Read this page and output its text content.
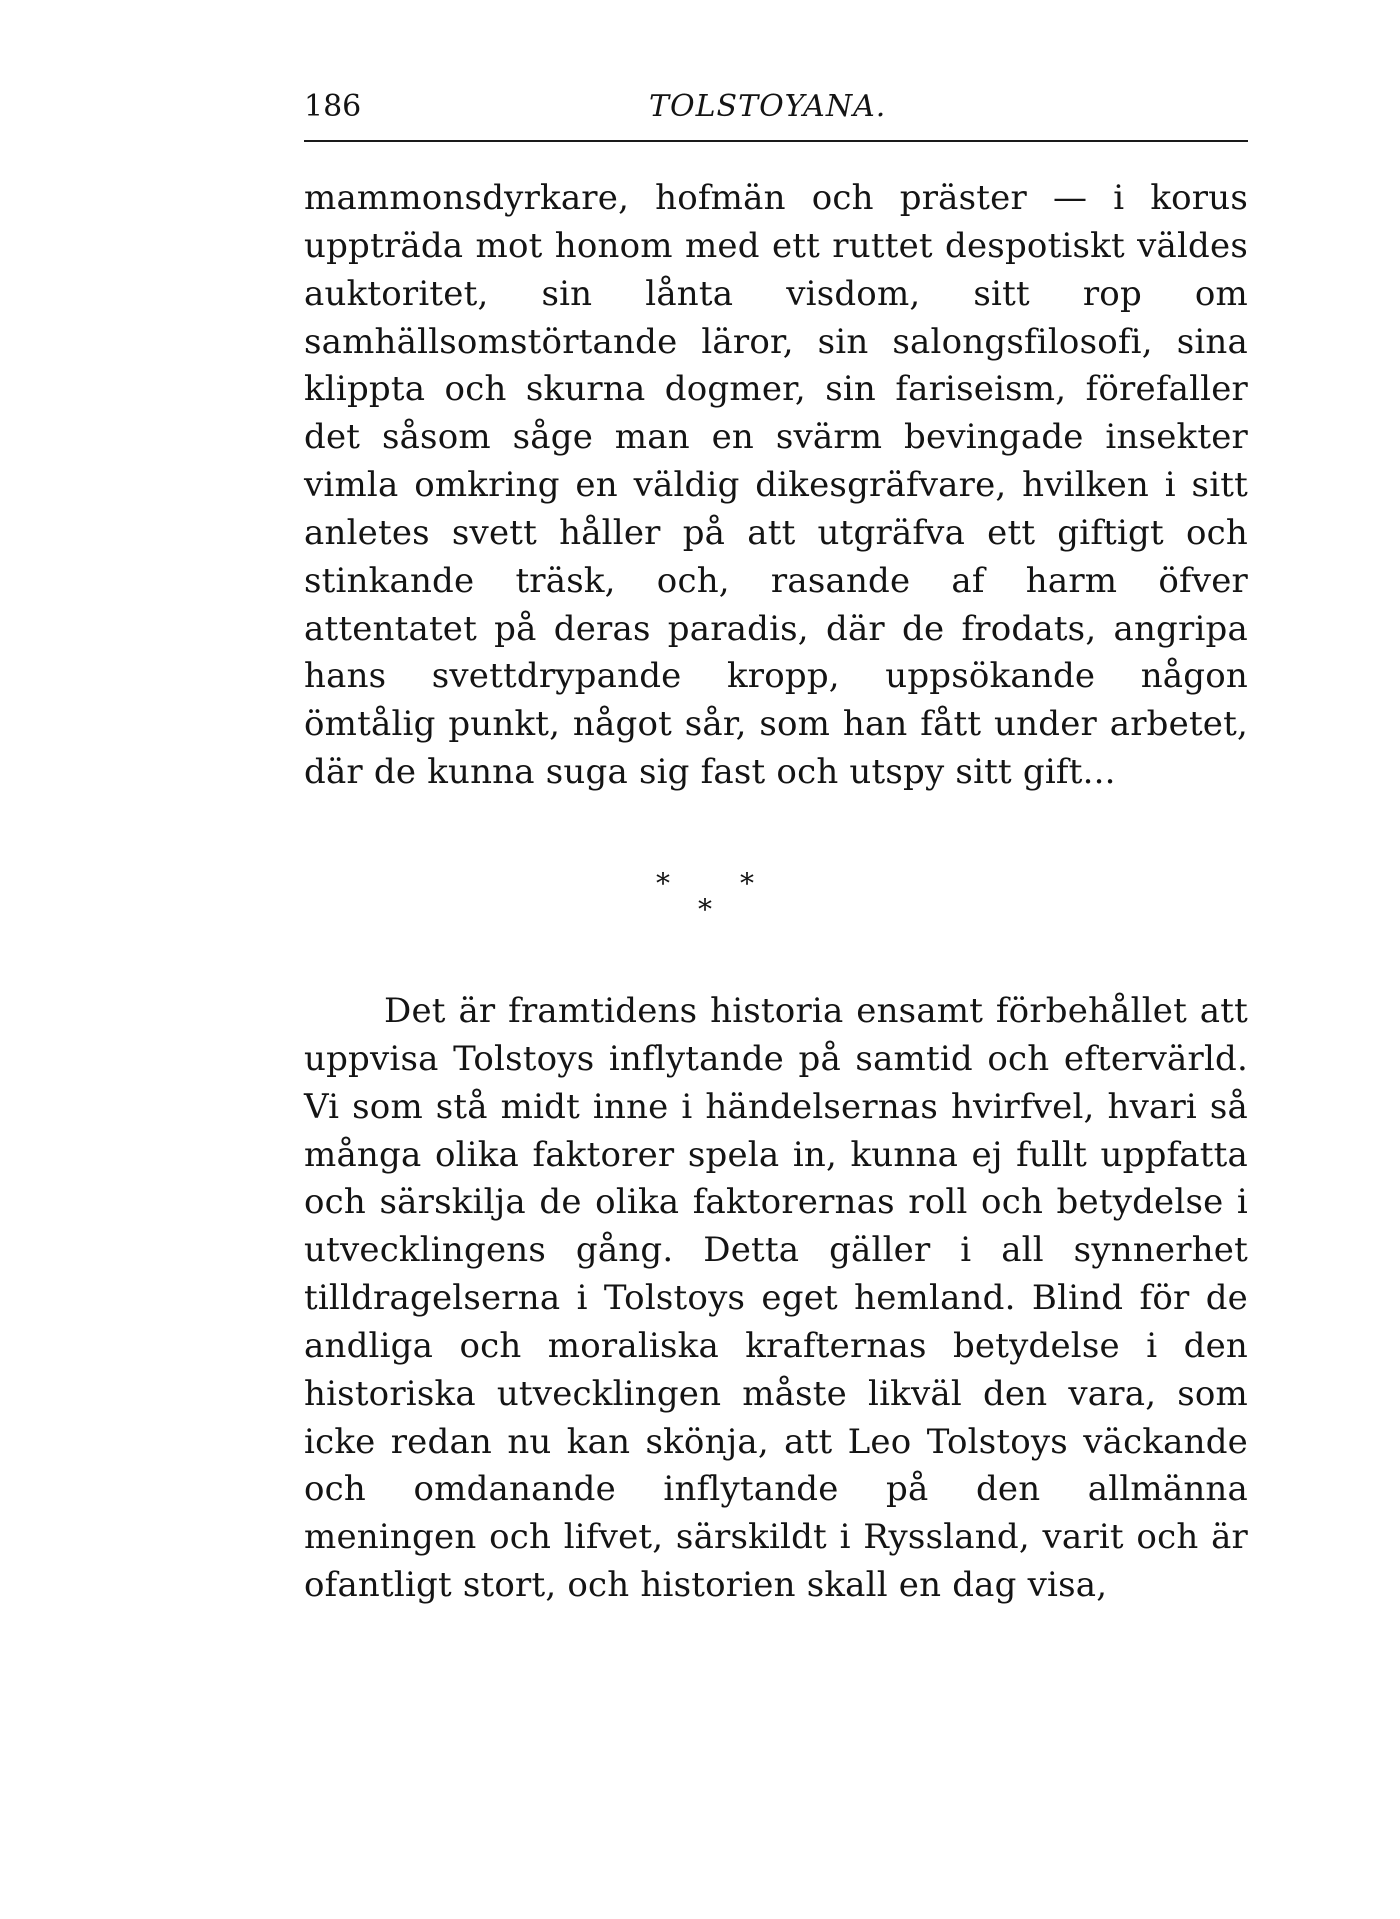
186	TOLSTOYANA.

mammonsdyrkare, hofmän och präster — i korus uppträda mot honom med ett ruttet despotiskt väldes auktoritet, sin lånta visdom, sitt rop om samhällsomstörtande läror, sin salongsfilosofi, sina klippta och skurna dogmer, sin fariseism, förefaller det såsom såge man en svärm bevingade insekter vimla omkring en väldig dikesgräfvare, hvilken i sitt anletes svett håller på att utgräfva ett giftigt och stinkande träsk, och, rasande af harm öfver attentatet på deras paradis, där de frodats, angripa hans svettdrypande kropp, uppsökande någon ömtålig punkt, något sår, som han fått under arbetet, där de kunna suga sig fast och utspy sitt gift...

*	*
*

Det är framtidens historia ensamt förbehållet att uppvisa Tolstoys inflytande på samtid och eftervärld. Vi som stå midt inne i händelsernas hvirfvel, hvari så många olika faktorer spela in, kunna ej fullt uppfatta och särskilja de olika faktorernas roll och betydelse i utvecklingens gång. Detta gäller i all synnerhet tilldragelserna i Tolstoys eget hemland. Blind för de andliga och moraliska krafternas betydelse i den historiska utvecklingen måste likväl den vara, som icke redan nu kan skönja, att Leo Tolstoys väckande och omdanande inflytande på den allmänna meningen och lifvet, särskildt i Ryssland, varit och är ofantligt stort, och historien skall en dag visa,
